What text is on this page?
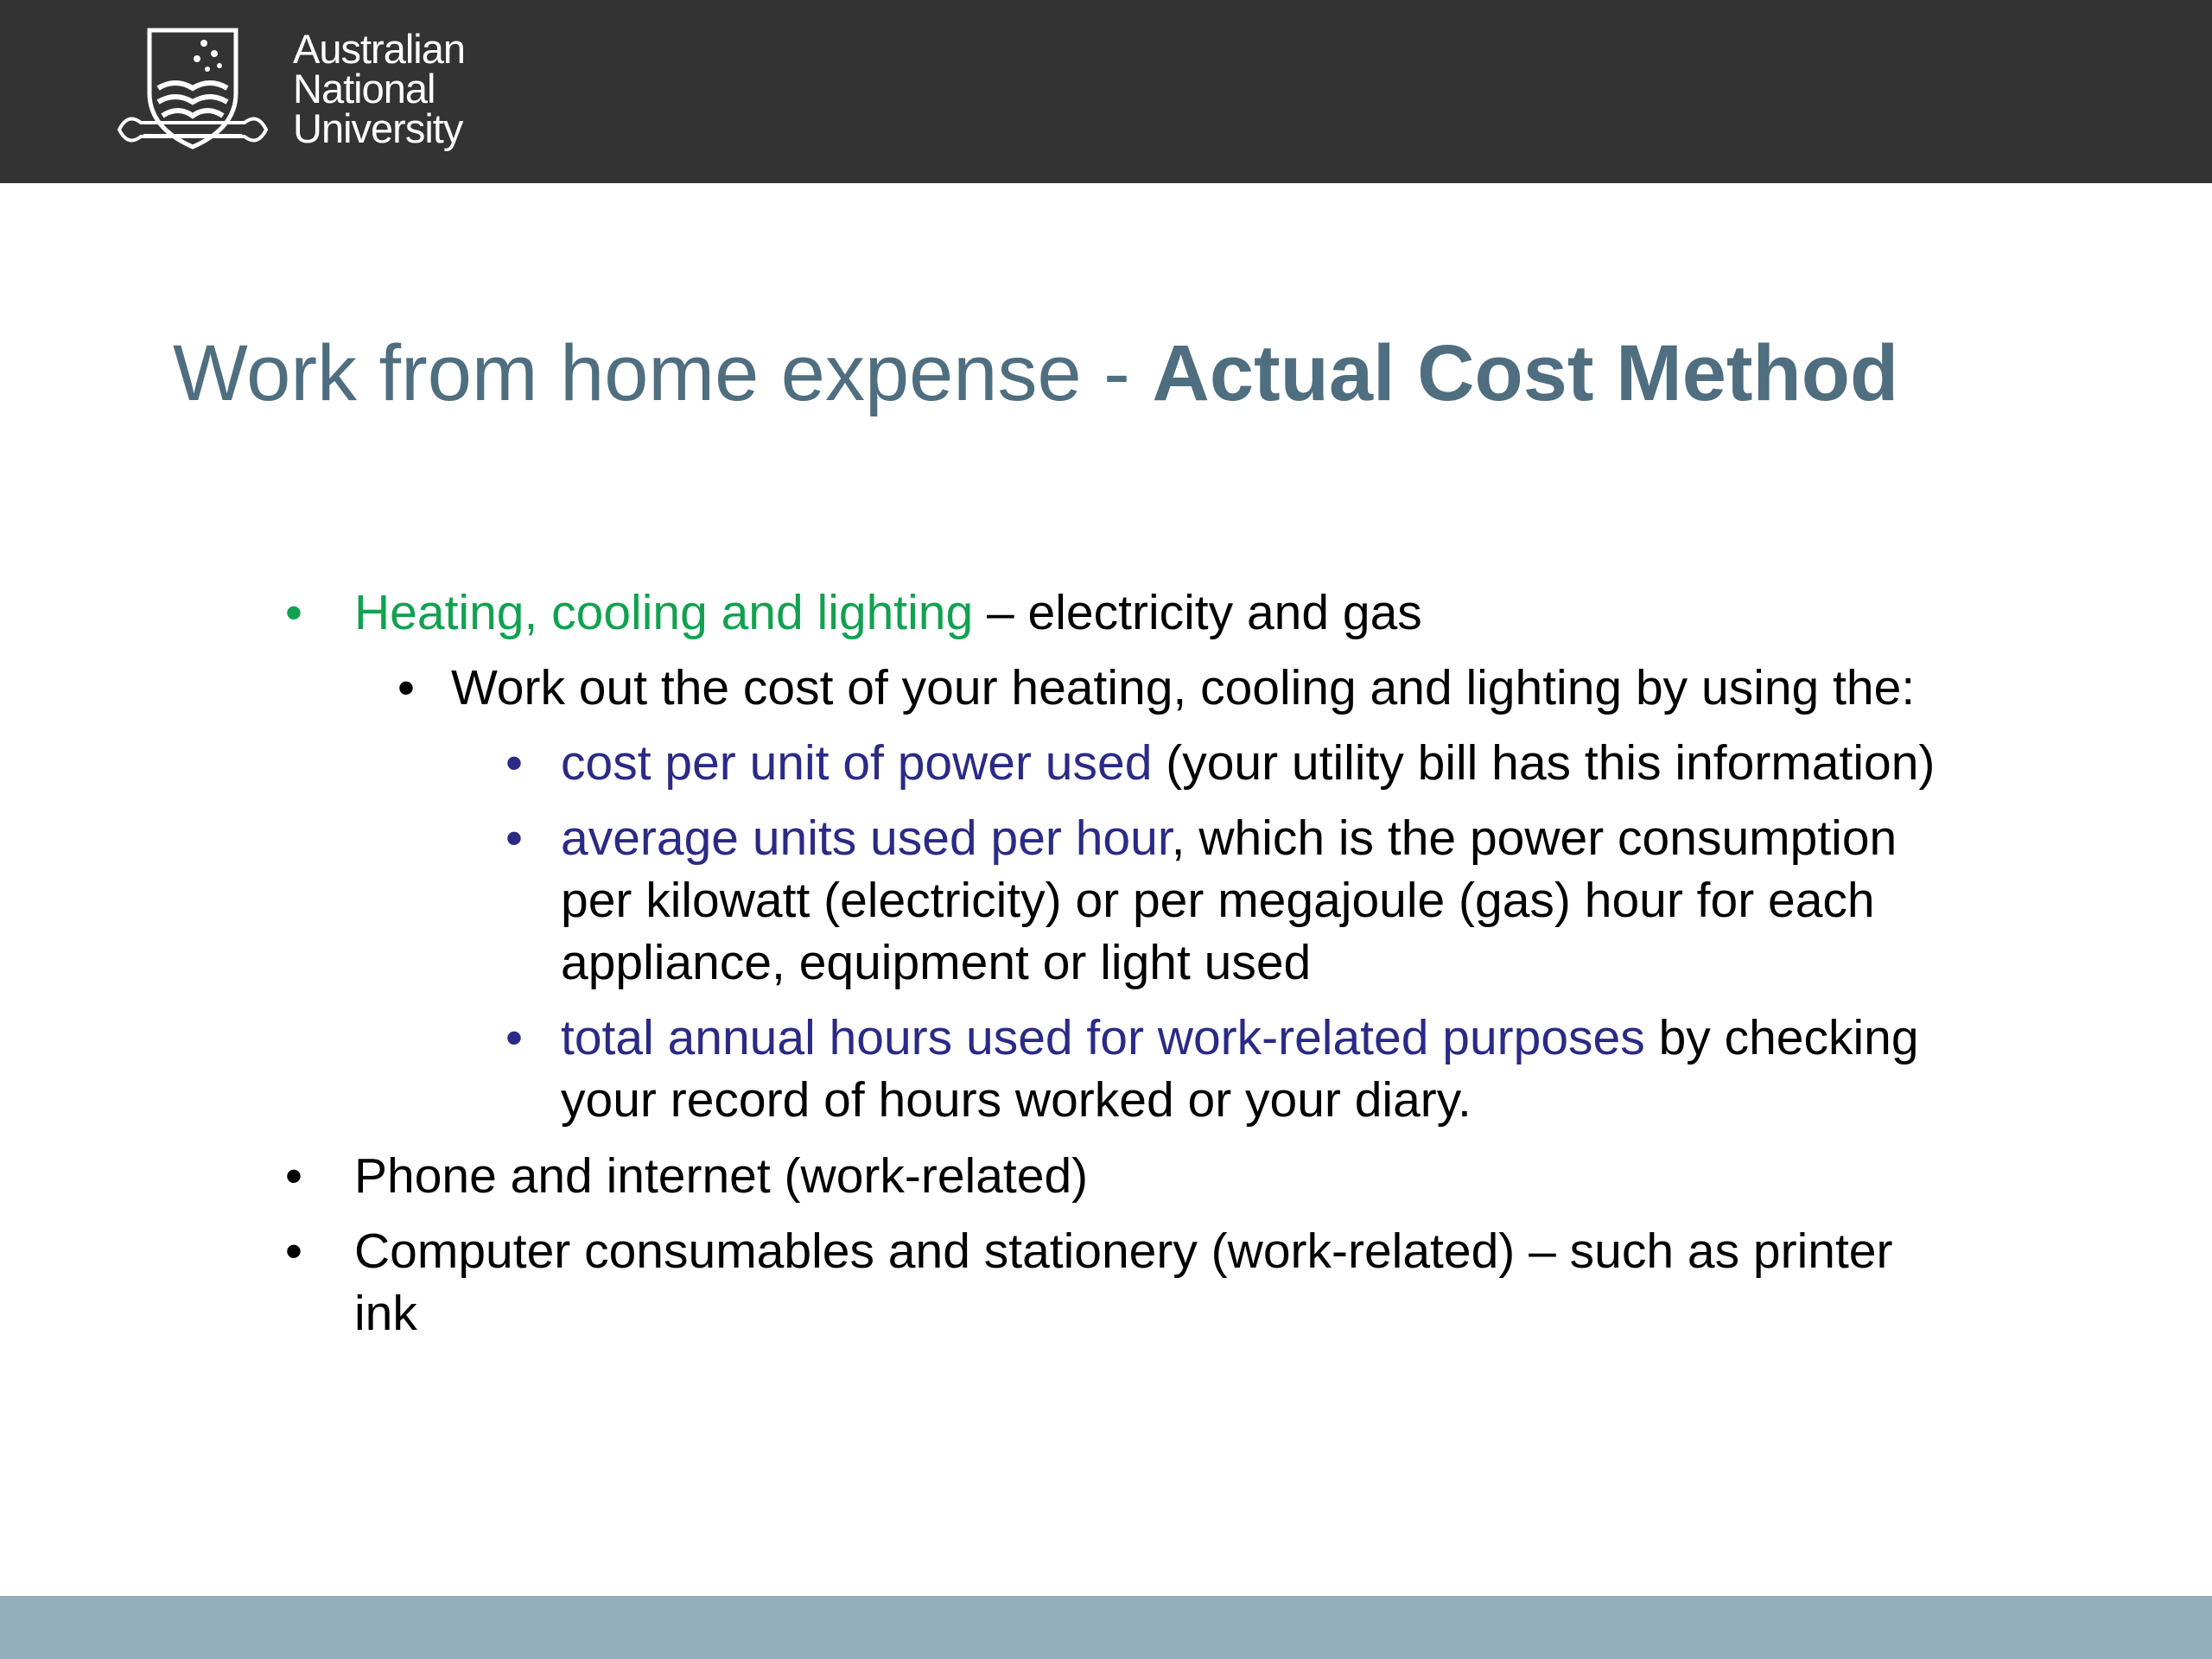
Australian
National
University
Work from home expense - Actual Cost Method
• Heating, cooling and lighting – electricity and gas
• Work out the cost of your heating, cooling and lighting by using the:
• cost per unit of power used (your utility bill has this information)
• average units used per hour, which is the power consumption
per kilowatt (electricity) or per megajoule (gas) hour for each
appliance, equipment or light used
• total annual hours used for work-related purposes by checking
your record of hours worked or your diary.
• Phone and internet (work-related)
• Computer consumables and stationery (work-related) – such as printer
ink
